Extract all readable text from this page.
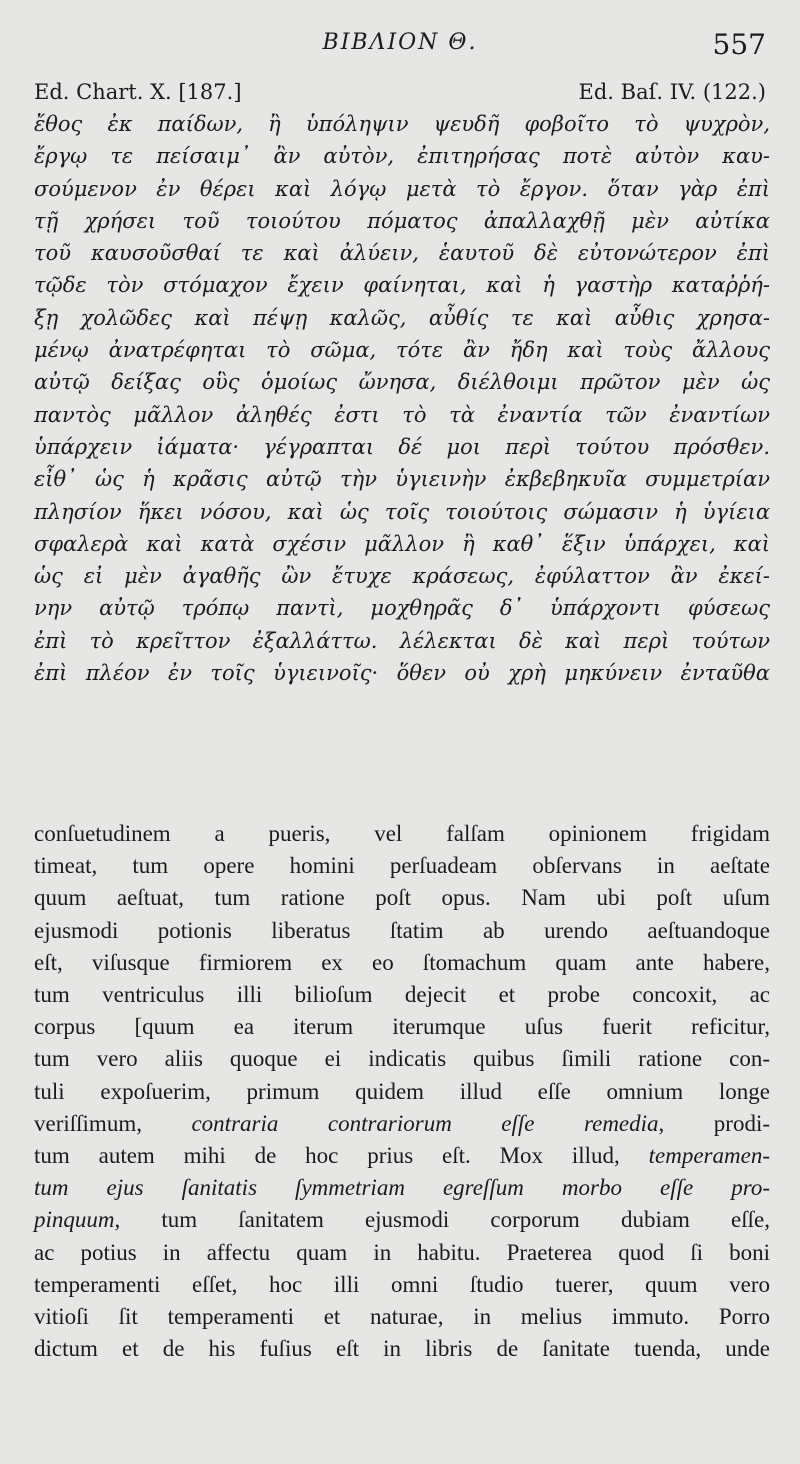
ΒΙΒΛΙΟΝ Θ.	557
Ed. Chart. X. [187.]	Ed. Baſ. IV. (122.)
ἔθος ἐκ παίδων, ἢ ὑπόληψιν ψευδῆ φοβοῖτο τὸ ψυχρὸν,
ἔργῳ τε πείσαιμ᾽ ἂν αὐτὸν, ἐπιτηρήσας ποτὲ αὐτὸν καυ-
σούμενον ἐν θέρει καὶ λόγῳ μετὰ τὸ ἔργον. ὅταν γὰρ ἐπὶ
τῇ χρήσει τοῦ τοιούτου πόματος ἀπαλλαχθῇ μὲν αὐτίκα
τοῦ καυσοῦσθαί τε καὶ ἀλύειν, ἑαυτοῦ δὲ εὐτονώτερον ἐπὶ
τῷδε τὸν στόμαχον ἔχειν φαίνηται, καὶ ἡ γαστὴρ καταῤῥή-
ξῃ χολῶδες καὶ πέψῃ καλῶς, αὖθίς τε καὶ αὖθις χρησα-
μένῳ ἀνατρέφηται τὸ σῶμα, τότε ἂν ἤδη καὶ τοὺς ἄλλους
αὐτῷ δείξας οὓς ὁμοίως ὤνησα, διέλθοιμι πρῶτον μὲν ὡς
παντὸς μᾶλλον ἀληθές ἐστι τὸ τὰ ἐναντία τῶν ἐναντίων
ὑπάρχειν ἰάματα· γέγραπται δέ μοι περὶ τούτου πρόσθεν.
εἶθ᾽ ὡς ἡ κρᾶσις αὐτῷ τὴν ὑγιεινὴν ἐκβεβηκυῖα συμμετρίαν
πλησίον ἥκει νόσου, καὶ ὡς τοῖς τοιούτοις σώμασιν ἡ ὑγίεια
σφαλερὰ καὶ κατὰ σχέσιν μᾶλλον ἢ καθ᾽ ἕξιν ὑπάρχει, καὶ
ὡς εἰ μὲν ἀγαθῆς ὢν ἔτυχε κράσεως, ἐφύλαττον ἂν ἐκεί-
νην αὐτῷ τρόπῳ παντὶ, μοχθηρᾶς δ᾽ ὑπάρχοντι φύσεως
ἐπὶ τὸ κρεῖττον ἐξαλλάττω. λέλεκται δὲ καὶ περὶ τούτων
ἐπὶ πλέον ἐν τοῖς ὑγιεινοῖς· ὅθεν οὐ χρὴ μηκύνειν ἐνταῦθα
conſuetudinem a pueris, vel falſam opinionem frigidam
timeat, tum opere homini perſuadeam obſervans in aeſtate
quum aeſtuat, tum ratione poſt opus. Nam ubi poſt uſum
ejusmodi potionis liberatus ſtatim ab urendo aeſtuandoque
eſt, viſusque firmiorem ex eo ſtomachum quam ante habere,
tum ventriculus illi bilioſum dejecit et probe concoxit, ac
corpus [quum ea iterum iterumque uſus fuerit reficitur,
tum vero aliis quoque ei indicatis quibus ſimili ratione con-
tuli expoſuerim, primum quidem illud eſſe omnium longe
veriſſimum, contraria contrariorum eſſe remedia, prodi-
tum autem mihi de hoc prius eſt. Mox illud, temperamen-
tum ejus ſanitatis ſymmetriam egreſſum morbo eſſe pro-
pinquum, tum ſanitatem ejusmodi corporum dubiam eſſe,
ac potius in affectu quam in habitu. Praeterea quod ſi boni
temperamenti eſſet, hoc illi omni ſtudio tuerer, quum vero
vitioſi ſit temperamenti et naturae, in melius immuto. Porro
dictum et de his fuſius eſt in libris de ſanitate tuenda, unde
